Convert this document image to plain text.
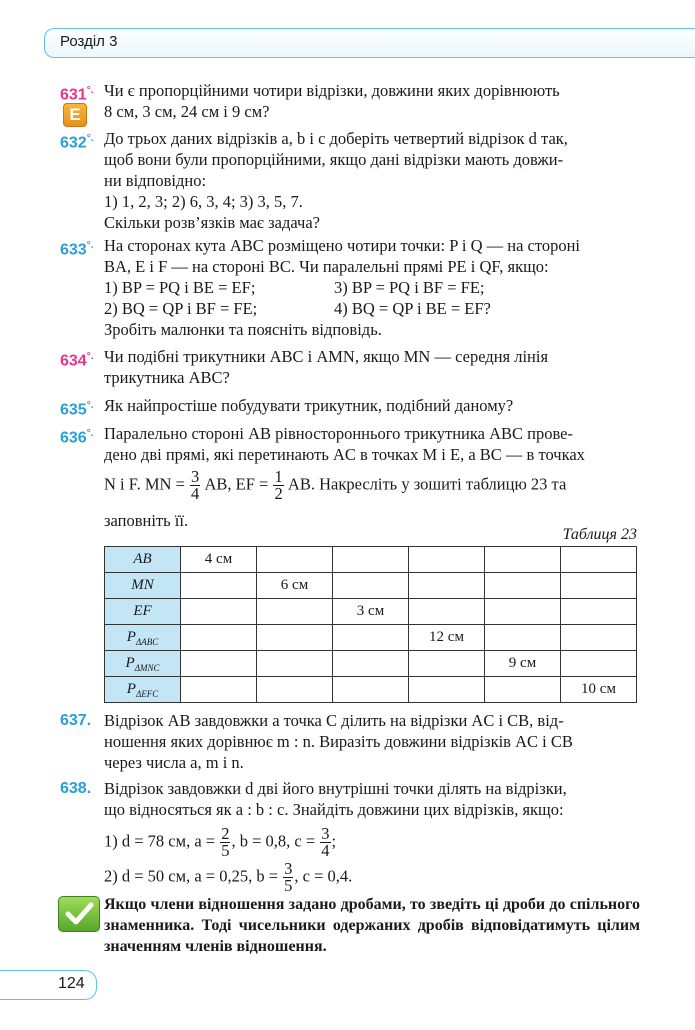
Розділ 3
E
631°. Чи є пропорційними чотири відрізки, довжини яких дорівнюють
8 см, 3 см, 24 см і 9 см?
632°. До трьох даних відрізків a, b і c доберіть четвертий відрізок d так,
щоб вони були пропорційними, якщо дані відрізки мають довжи-
ни відповідно:
1) 1, 2, 3; 2) 6, 3, 4; 3) 3, 5, 7.
Скільки розв’язків має задача?
633°. На сторонах кута ABC розміщено чотири точки: P і Q — на стороні
BA, E і F — на стороні BC. Чи паралельні прямі PE і QF, якщо:
1) BP = PQ і BE = EF;	3) BP = PQ і BF = FE;
2) BQ = QP і BF = FE;	4) BQ = QP і BE = EF?
Зробіть малюнки та поясніть відповідь.
634°. Чи подібні трикутники ABC і AMN, якщо MN — середня лінія
трикутника ABC?
635°. Як найпростіше побудувати трикутник, подібний даному?
636°. Паралельно стороні AB рівностороннього трикутника ABC прове-
дено дві прямі, які перетинають AC в точках M і E, а BC — в точках
N і F. MN = $\frac{3}{4}$ AB, EF = $\frac{1}{2}$ AB. Накресліть у зошиті таблицю 23 та
заповніть її.
Таблиця 23
AB	4 см					
MN		6 см				
EF			3 см			
$P_{\Delta ABC}$				12 см		
$P_{\Delta MNC}$					9 см	
$P_{\Delta EFC}$						10 см
637. Відрізок AB завдовжки a точка C ділить на відрізки AC і CB, від-
ношення яких дорівнює m : n. Виразіть довжини відрізків AC і CB
через числа a, m і n.
638. Відрізок завдовжки d дві його внутрішні точки ділять на відрізки,
що відносяться як a : b : c. Знайдіть довжини цих відрізків, якщо:
1) d = 78 см, $a = \frac{2}{5}$ , b = 0,8, $c = \frac{3}{4}$ ;
2) d = 50 см, a = 0,25, $b = \frac{3}{5}$ , c = 0,4.
Якщо члени відношення задано дробами, то зведіть ці дроби до спільного знаменника. Тоді чисельники одержаних дробів відповідатимуть цілим значенням членів відношення.
124
